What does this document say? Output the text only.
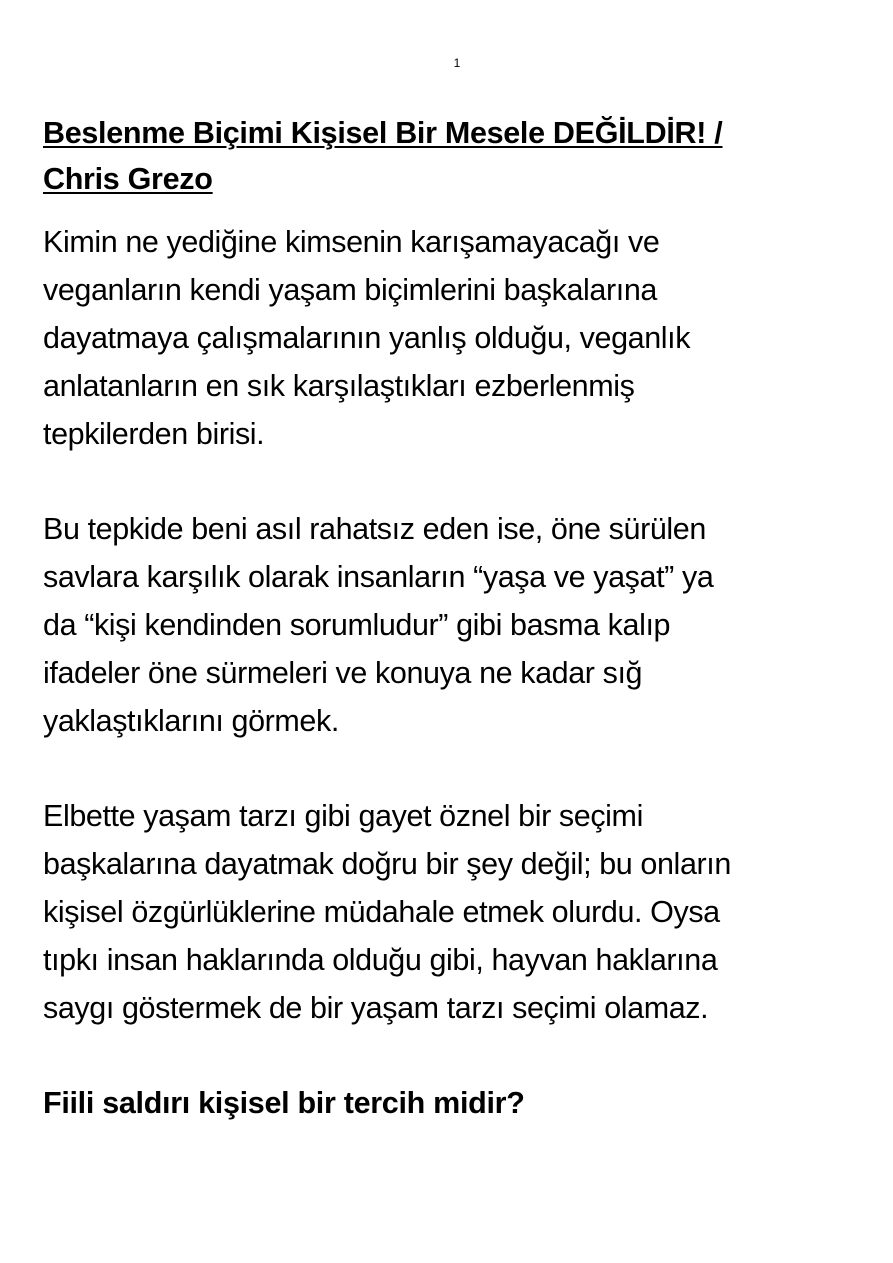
1
Beslenme Biçimi Kişisel Bir Mesele DEĞİLDİR! /
Chris Grezo

Kimin ne yediğine kimsenin karışamayacağı ve
veganların kendi yaşam biçimlerini başkalarına
dayatmaya çalışmalarının yanlış olduğu, veganlık
anlatanların en sık karşılaştıkları ezberlenmiş
tepkilerden birisi.

Bu tepkide beni asıl rahatsız eden ise, öne sürülen
savlara karşılık olarak insanların “yaşa ve yaşat” ya
da “kişi kendinden sorumludur” gibi basma kalıp
ifadeler öne sürmeleri ve konuya ne kadar sığ
yaklaştıklarını görmek.

Elbette yaşam tarzı gibi gayet öznel bir seçimi
başkalarına dayatmak doğru bir şey değil; bu onların
kişisel özgürlüklerine müdahale etmek olurdu. Oysa
tıpkı insan haklarında olduğu gibi, hayvan haklarına
saygı göstermek de bir yaşam tarzı seçimi olamaz.

Fiili saldırı kişisel bir tercih midir?
